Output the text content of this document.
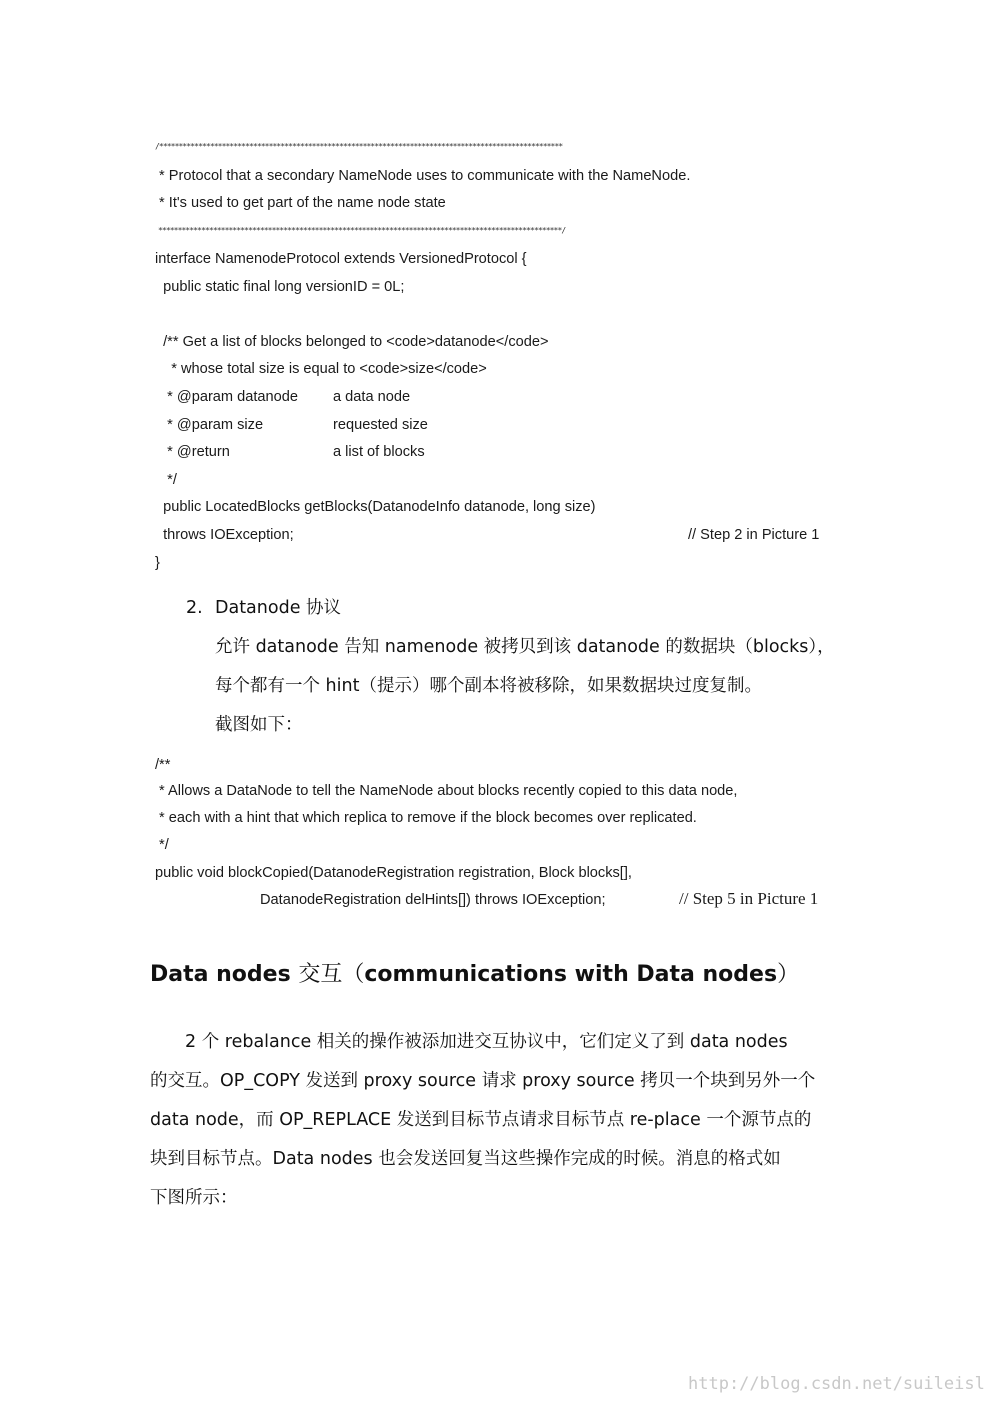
/*******************************************************************************************************
* Protocol that a secondary NameNode uses to communicate with the NameNode.
* It's used to get part of the name node state
*******************************************************************************************************/
interface NamenodeProtocol extends VersionedProtocol {
public static final long versionID = 0L;
/** Get a list of blocks belonged to <code>datanode</code>
* whose total size is equal to <code>size</code>
* @param datanode a data node
* @param size	requested size
* @return	a list of blocks
*/
public LocatedBlocks getBlocks(DatanodeInfo datanode, long size)
throws IOException;	// Step 2 in Picture 1
}
2. Datanode 协议
允许 datanode 告知 namenode 被拷贝到该 datanode 的数据块（blocks），
每个都有一个 hint（提示）哪个副本将被移除，如果数据块过度复制。
截图如下：
/**
* Allows a DataNode to tell the NameNode about blocks recently copied to this data node,
* each with a hint that which replica to remove if the block becomes over replicated.
*/
public void blockCopied(DatanodeRegistration registration, Block blocks[],
DatanodeRegistration delHints[]) throws IOException;	// Step 5 in Picture 1
Data nodes 交互（communications with Data nodes）
2 个 rebalance 相关的操作被添加进交互协议中，它们定义了到 data nodes
的交互。OP_COPY 发送到 proxy source 请求 proxy source 拷贝一个块到另外一个
data node，而 OP_REPLACE 发送到目标节点请求目标节点 re-place 一个源节点的
块到目标节点。Data nodes 也会发送回复当这些操作完成的时候。消息的格式如
下图所示：
http://blog.csdn.net/suileisl
